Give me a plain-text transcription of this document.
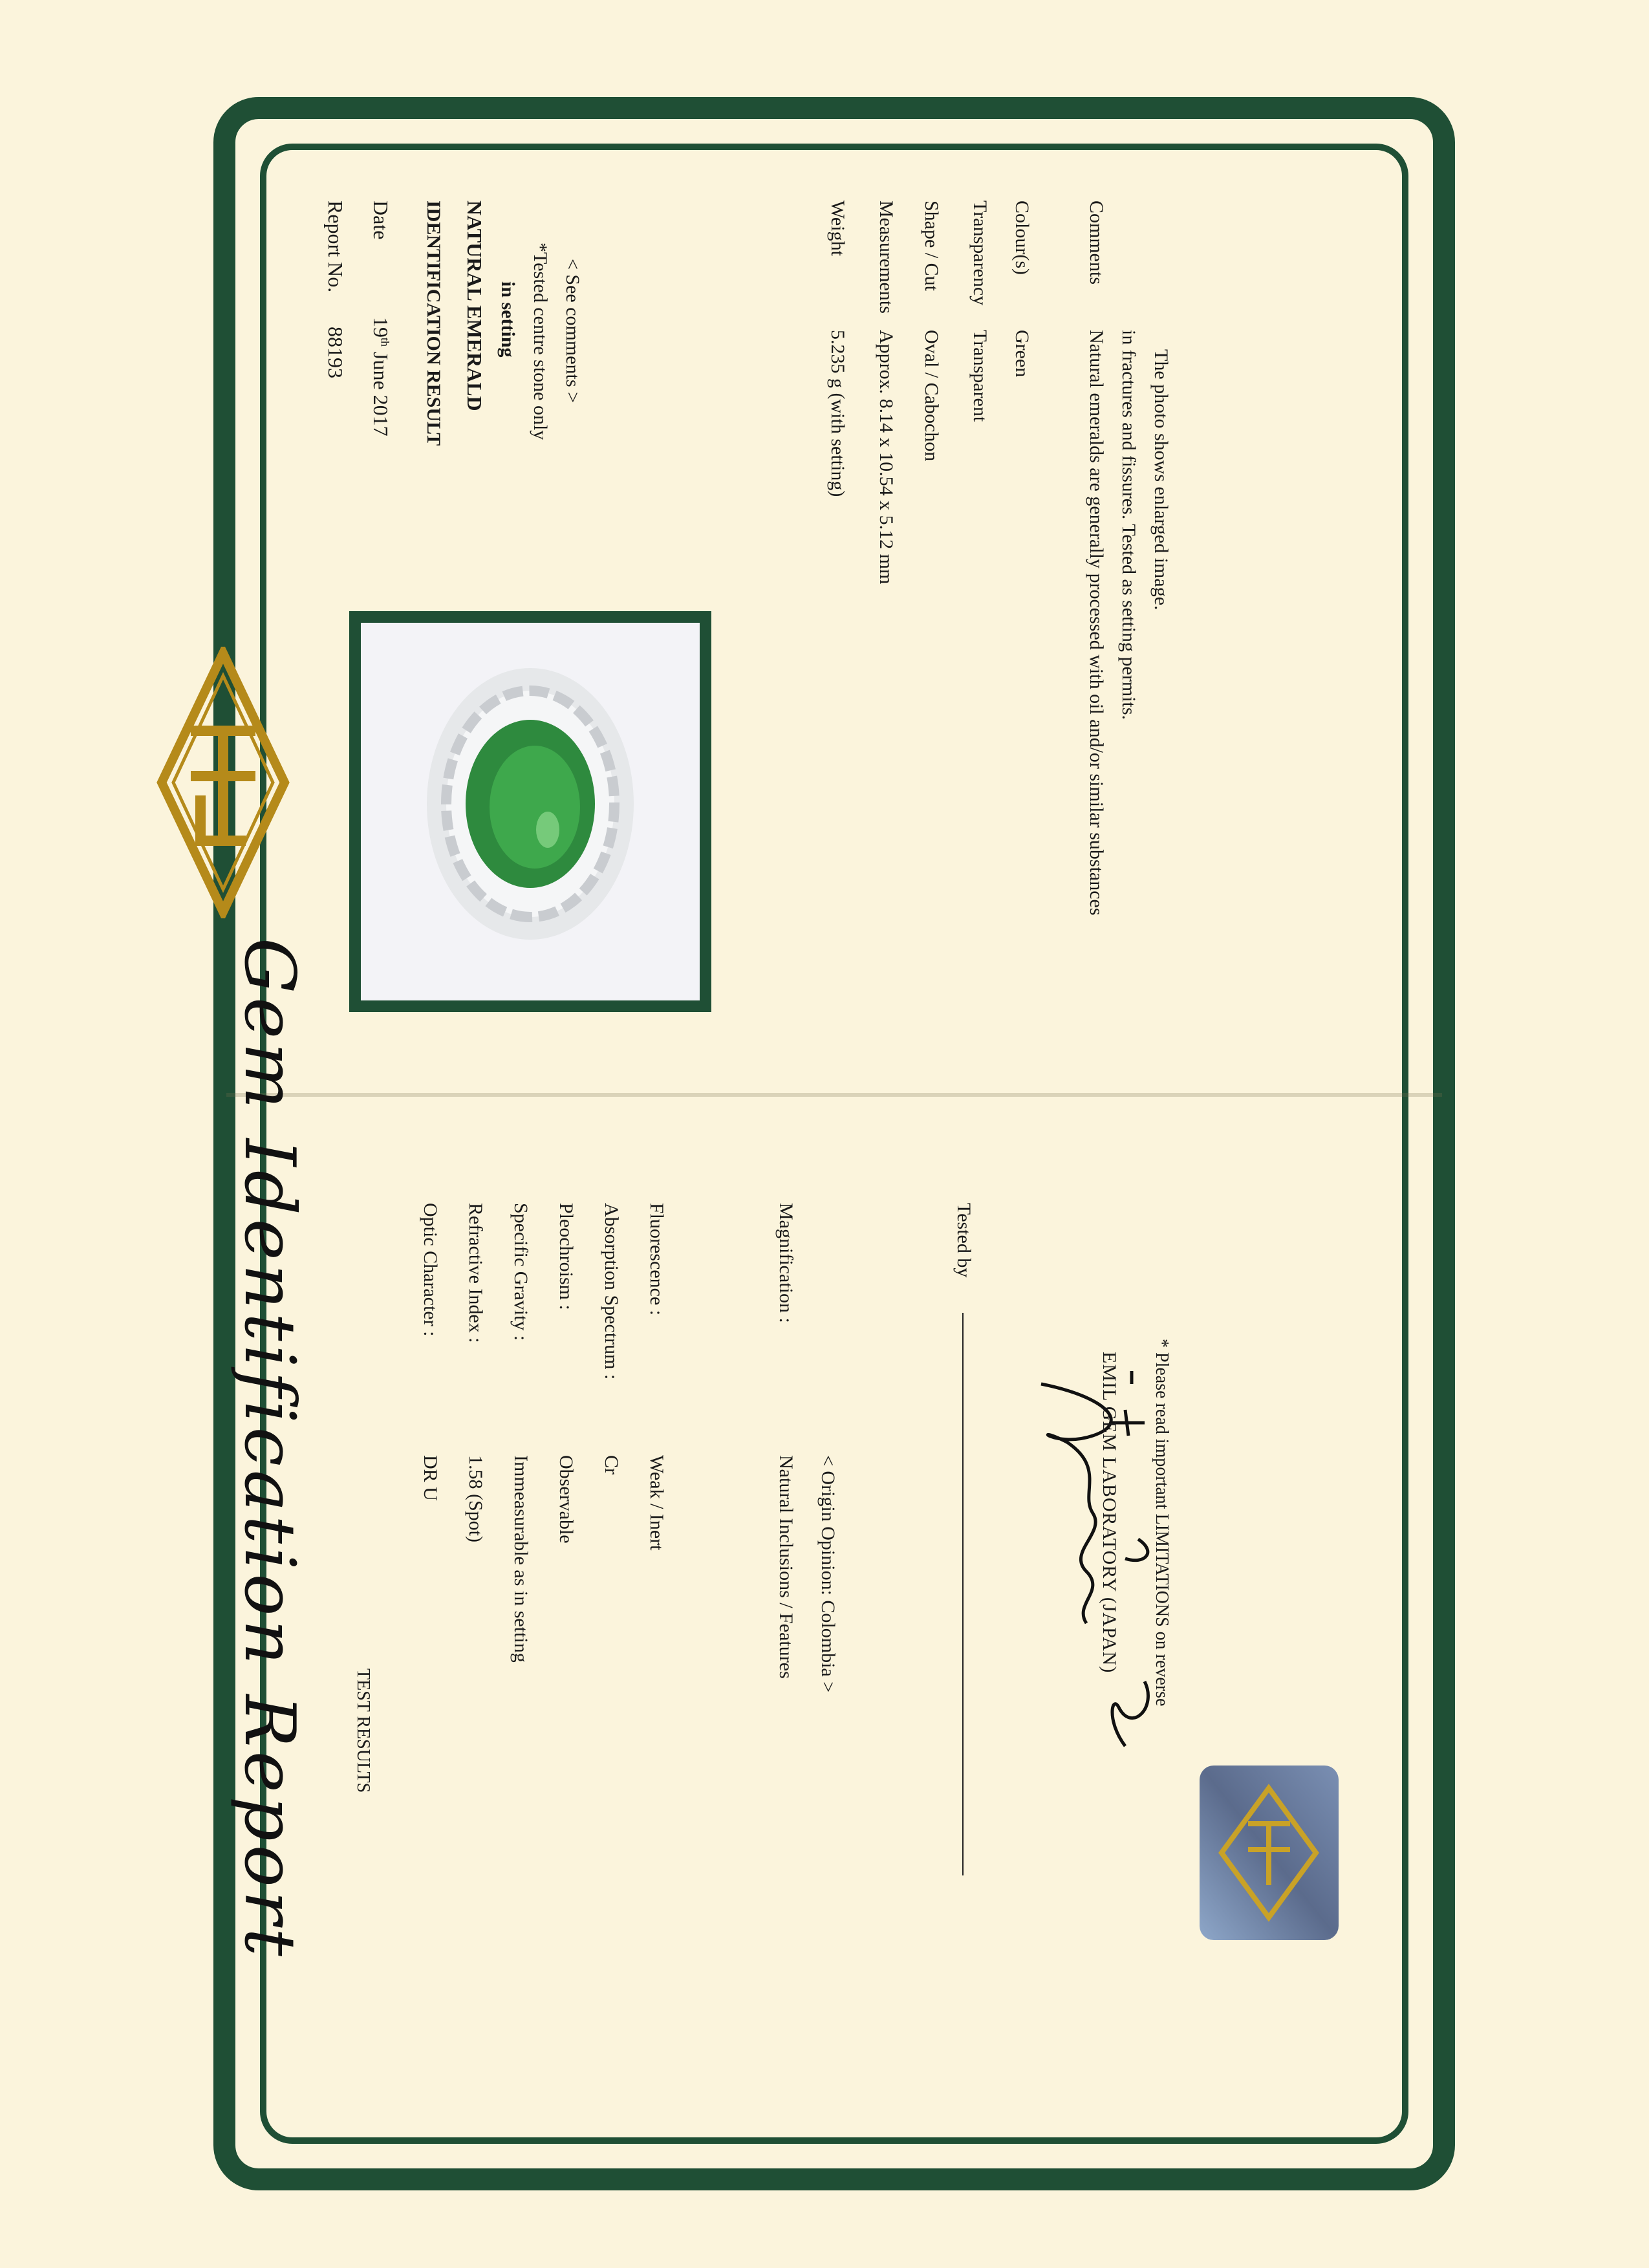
Report No.
88193
Date
19th June 2017 IDENTIFICATION RESULT NATURAL EMERALD in setting *Tested centre stone only < See comments >
Weight
5.235 g (with setting)
Measurements
Approx. 8.14 x 10.54 x 5.12 mm
Shape / Cut
Oval / Cabochon
Transparency
Transparent
Colour(s)
Green
Comments
Natural emeralds are generally processed with oil and/or similar substances in fractures and fissures. Tested as setting permits. The photo shows enlarged image.
Gem Identification Report TEST RESULTS
Optic Character :
DR U
Refractive Index :
1.58 (Spot)
Specific Gravity :
Immeasurable as in setting
Pleochroism :
Observable
Absorption Spectrum :
Cr
Fluorescence :
Weak / Inert
Magnification :
Natural Inclusions / Features < Origin Opinion: Colombia >
Tested by
EMIL GEM LABORATORY (JAPAN) * Please read important LIMITATIONS on reverse
